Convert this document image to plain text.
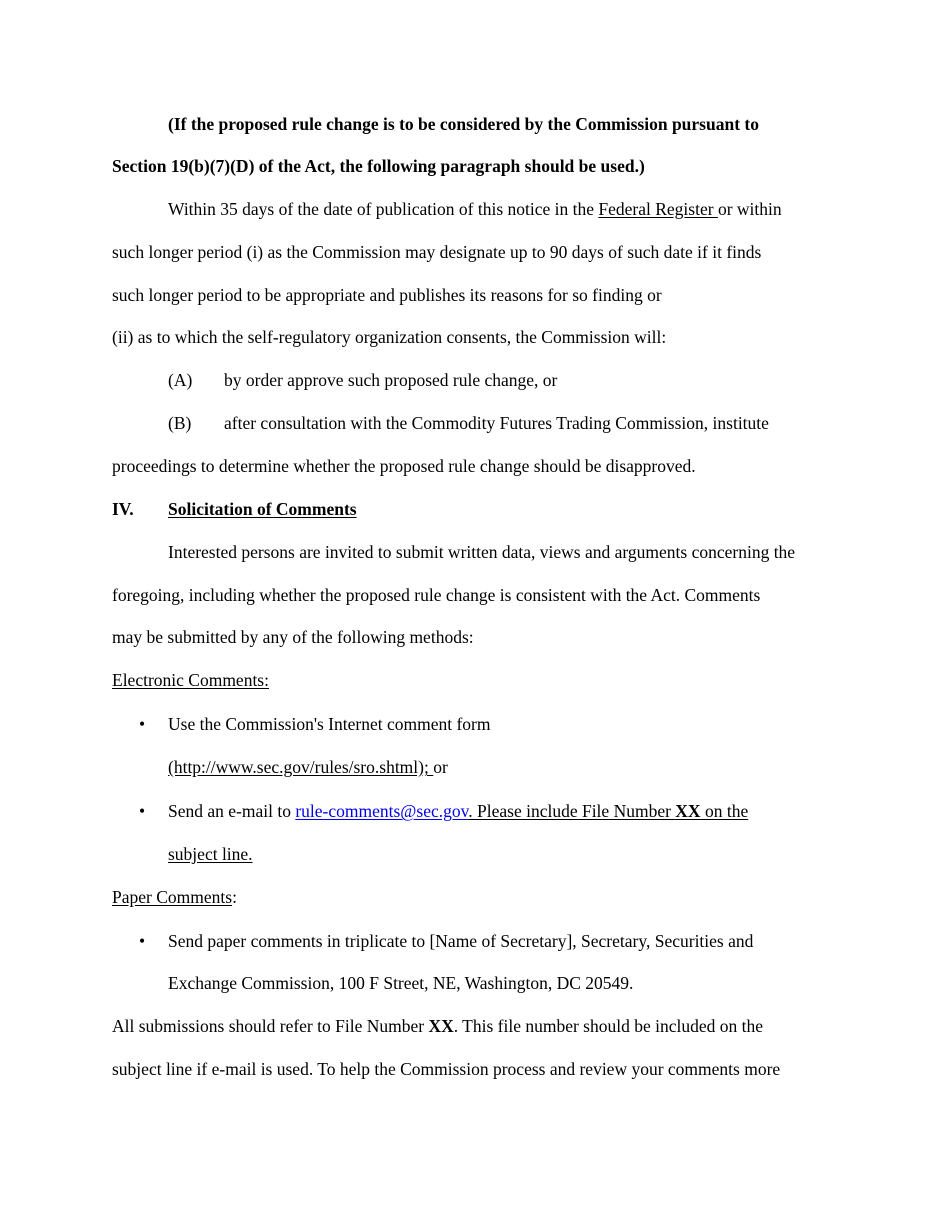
(If the proposed rule change is to be considered by the Commission pursuant to
Section 19(b)(7)(D) of the Act, the following paragraph should be used.)
Within 35 days of the date of publication of this notice in the Federal Register or within
such longer period (i) as the Commission may designate up to 90 days of such date if it finds
such longer period to be appropriate and publishes its reasons for so finding or
(ii) as to which the self-regulatory organization consents, the Commission will:
(A) by order approve such proposed rule change, or
(B) after consultation with the Commodity Futures Trading Commission, institute
proceedings to determine whether the proposed rule change should be disapproved.
IV. Solicitation of Comments
Interested persons are invited to submit written data, views and arguments concerning the
foregoing, including whether the proposed rule change is consistent with the Act. Comments
may be submitted by any of the following methods:
Electronic Comments:
• Use the Commission's Internet comment form
(http://www.sec.gov/rules/sro.shtml); or
• Send an e-mail to rule-comments@sec.gov. Please include File Number XX on the
subject line.
Paper Comments:
• Send paper comments in triplicate to [Name of Secretary], Secretary, Securities and
Exchange Commission, 100 F Street, NE, Washington, DC 20549.
All submissions should refer to File Number XX. This file number should be included on the
subject line if e-mail is used. To help the Commission process and review your comments more
